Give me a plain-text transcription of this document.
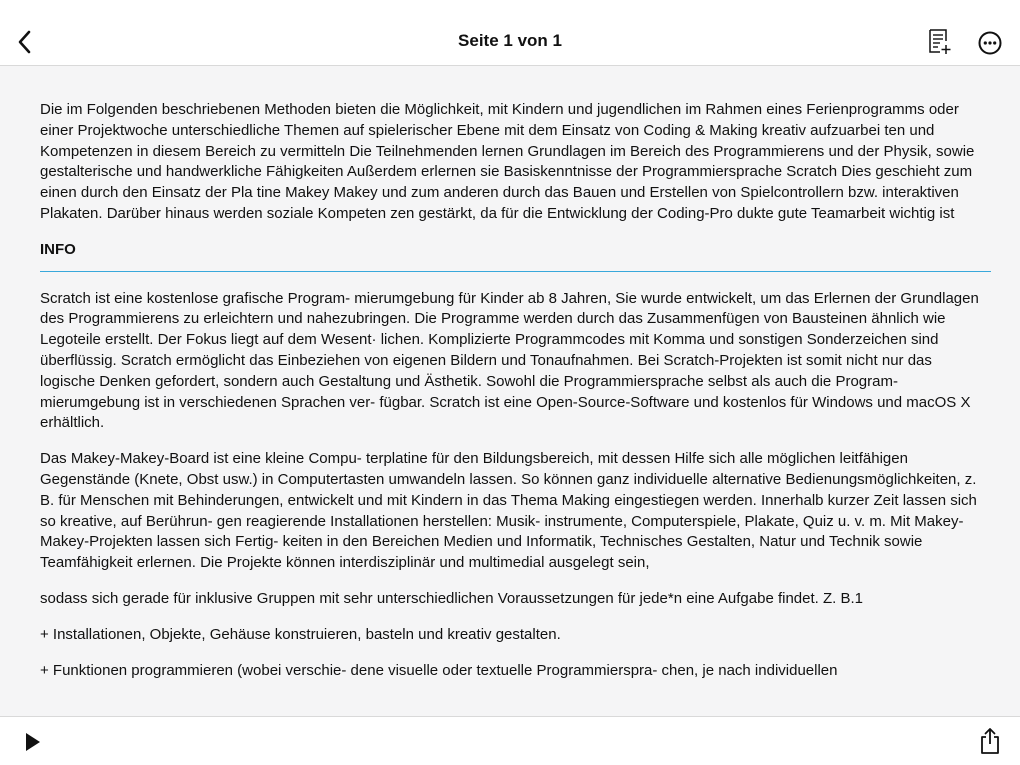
Seite 1 von 1

Die im Folgenden beschriebenen Methoden bieten die Möglichkeit, mit Kindern und jugendlichen im Rahmen eines Ferienprogramms oder einer Projektwoche unterschiedliche Themen auf spielerischer Ebene mit dem Einsatz von Coding & Making kreativ aufzuarbei ten und Kompetenzen in diesem Bereich zu vermitteln Die Teilnehmenden lernen Grundlagen im Bereich des Programmierens und der Physik, sowie gestalterische und handwerkliche Fähigkeiten Außerdem erlernen sie Basiskenntnisse der Programmiersprache Scratch Dies geschieht zum einen durch den Einsatz der Pla tine Makey Makey und zum anderen durch das Bauen und Erstellen von Spielcontrollern bzw. interaktiven Plakaten. Darüber hinaus werden soziale Kompeten zen gestärkt, da für die Entwicklung der Coding-Pro dukte gute Teamarbeit wichtig ist

INFO

Scratch ist eine kostenlose grafische Program- mierumgebung für Kinder ab 8 Jahren, Sie wurde entwickelt, um das Erlernen der Grundlagen des Programmierens zu erleichtern und nahezubringen. Die Programme werden durch das Zusammenfügen von Bausteinen ähnlich wie Legoteile erstellt. Der Fokus liegt auf dem Wesent· lichen. Komplizierte Programmcodes mit Komma und sonstigen Sonderzeichen sind überflüssig. Scratch ermöglicht das Einbeziehen von eigenen Bildern und Tonaufnahmen. Bei Scratch-Projekten ist somit nicht nur das logische Denken gefordert, sondern auch Gestaltung und Ästhetik. Sowohl die Programmiersprache selbst als auch die Program- mierumgebung ist in verschiedenen Sprachen ver- fügbar. Scratch ist eine Open-Source-Software und kostenlos für Windows und macOS X erhältlich.

Das Makey-Makey-Board ist eine kleine Compu- terplatine für den Bildungsbereich, mit dessen Hilfe sich alle möglichen leitfähigen Gegenstände (Knete, Obst usw.) in Computertasten umwandeln lassen. So können ganz individuelle alternative Bedienungsmöglichkeiten, z. B. für Menschen mit Behinderungen, entwickelt und mit Kindern in das Thema Making eingestiegen werden. Innerhalb kurzer Zeit lassen sich so kreative, auf Berührun- gen reagierende Installationen herstellen: Musik- instrumente, Computerspiele, Plakate, Quiz u. v. m. Mit Makey-Makey-Projekten lassen sich Fertig- keiten in den Bereichen Medien und Informatik, Technisches Gestalten, Natur und Technik sowie Teamfähigkeit erlernen. Die Projekte können interdisziplinär und multimedial ausgelegt sein,

sodass sich gerade für inklusive Gruppen mit sehr unterschiedlichen Voraussetzungen für jede*n eine Aufgabe findet. Z. B.1

+ Installationen, Objekte, Gehäuse konstruieren, basteln und kreativ gestalten.

+ Funktionen programmieren (wobei verschie- dene visuelle oder textuelle Programmierspra- chen, je nach individuellen
